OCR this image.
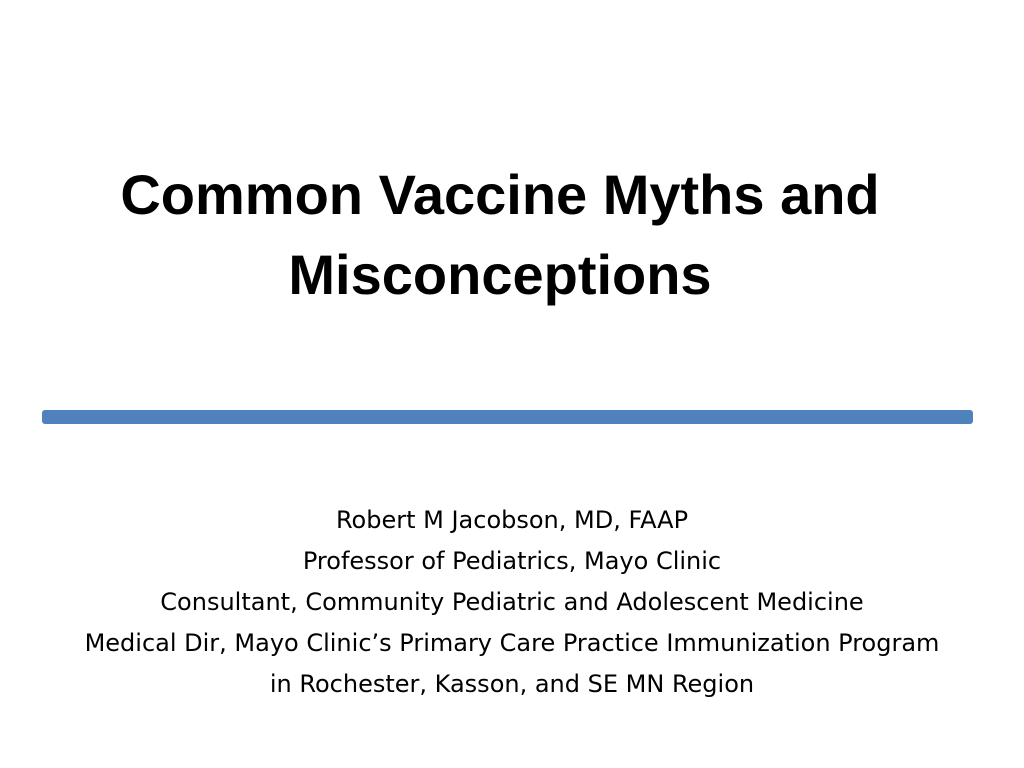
Common Vaccine Myths and
Misconceptions
Robert M Jacobson, MD, FAAP
Professor of Pediatrics, Mayo Clinic
Consultant, Community Pediatric and Adolescent Medicine
Medical Dir, Mayo Clinic’s Primary Care Practice Immunization Program
in Rochester, Kasson, and SE MN Region
